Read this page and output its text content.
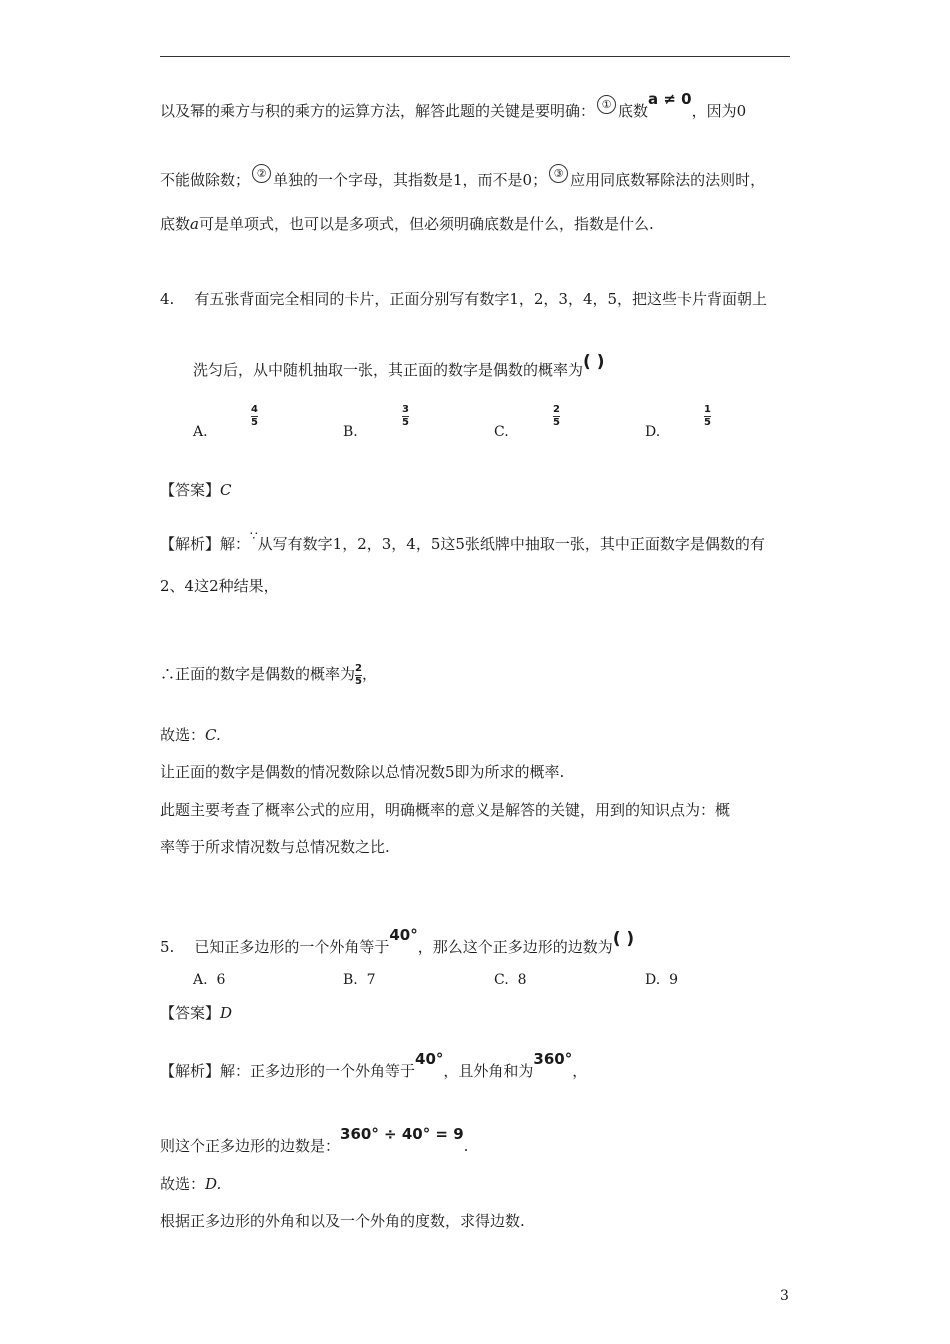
以及幂的乘方与积的乘方的运算方法，解答此题的关键是要明确： ① 底数a ≠ 0，因为0
不能做除数； ② 单独的一个字母，其指数是1，而不是0； ③ 应用同底数幂除法的法则时，
底数a可是单项式，也可以是多项式，但必须明确底数是什么，指数是什么.
4. 有五张背面完全相同的卡片，正面分别写有数字1，2，3，4，5，把这些卡片背面朝上
洗匀后，从中随机抽取一张，其正面的数字是偶数的概率为( )
A.
4
5
B.
3
5
C.
2
5
D.
1
5
【答案】C
【解析】解：∵从写有数字1，2，3，4，5这5张纸牌中抽取一张，其中正面数字是偶数的有
2、4这2种结果，
∴正面的数字是偶数的概率为 $\frac{2}{5}$ ，
故选：C.
让正面的数字是偶数的情况数除以总情况数5即为所求的概率.
此题主要考查了概率公式的应用，明确概率的意义是解答的关键，用到的知识点为：概
率等于所求情况数与总情况数之比.
5. 已知正多边形的一个外角等于40°，那么这个正多边形的边数为( )
A. 6	B. 7	C. 8	D. 9
【答案】D
【解析】解：正多边形的一个外角等于40°，且外角和为360°，
则这个正多边形的边数是：360° ÷ 40° = 9.
故选：D.
根据正多边形的外角和以及一个外角的度数，求得边数.
3
